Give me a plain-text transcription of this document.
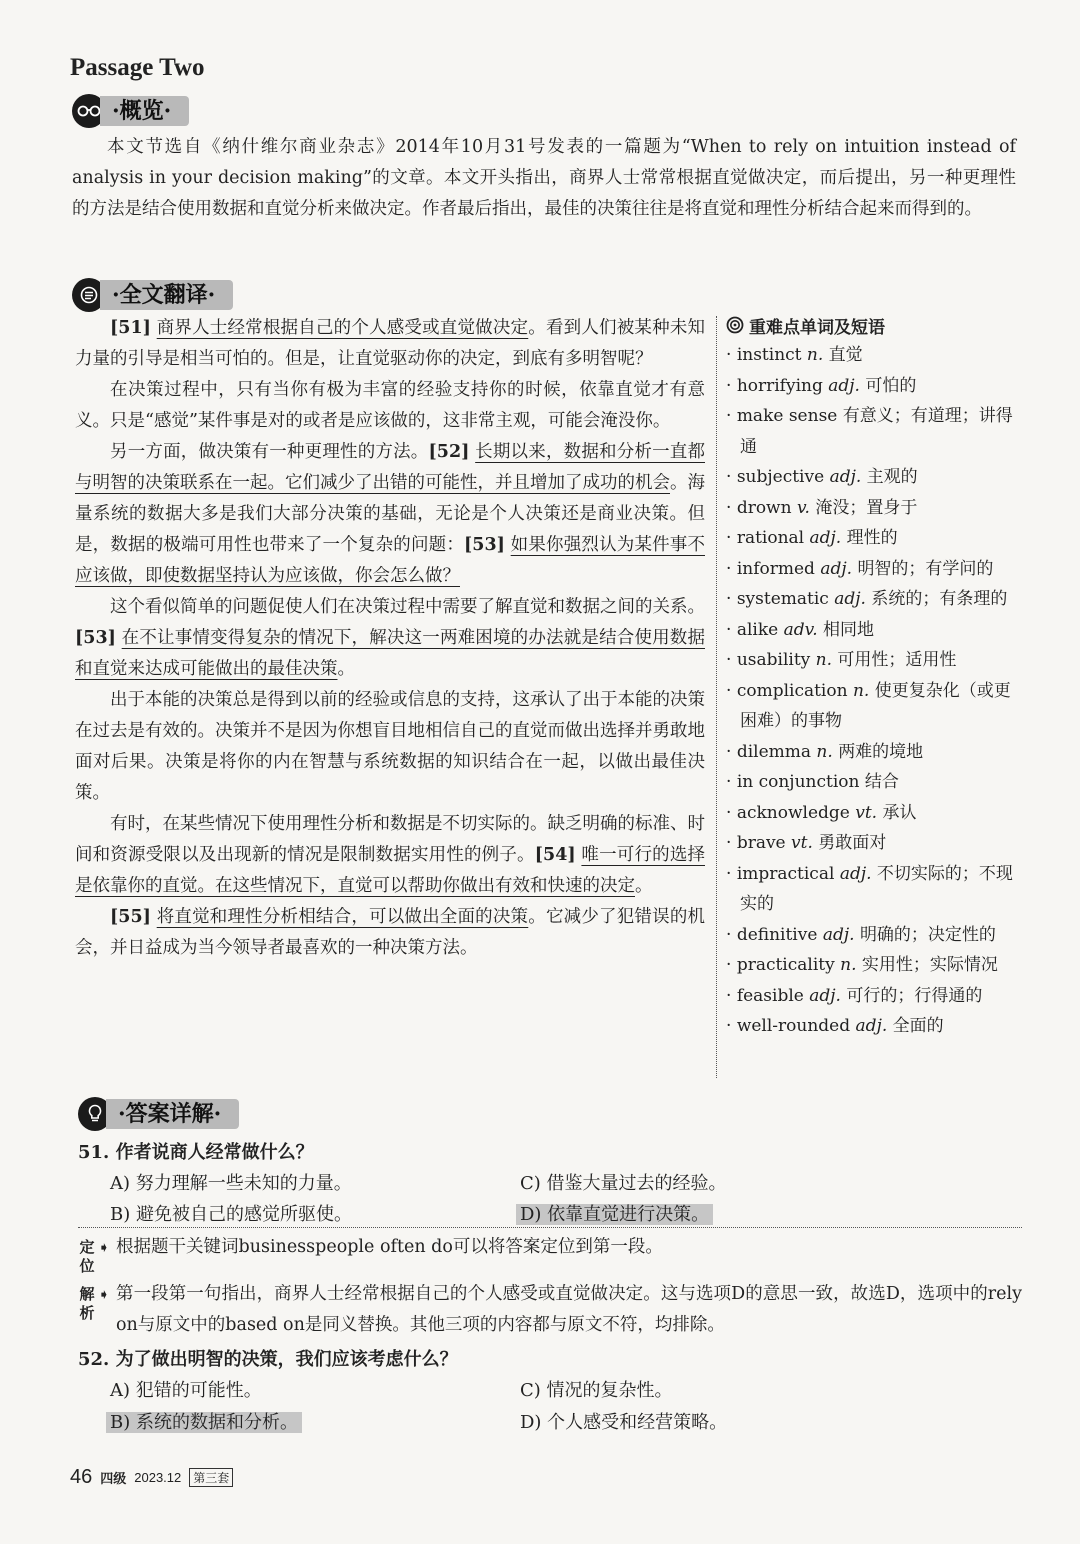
Passage Two
·概览·
本文节选自《纳什维尔商业杂志》2014年10月31号发表的一篇题为“When to rely on intuition instead of analysis in your decision making”的文章。本文开头指出，商界人士常常根据直觉做决定，而后提出，另一种更理性的方法是结合使用数据和直觉分析来做决定。作者最后指出，最佳的决策往往是将直觉和理性分析结合起来而得到的。
·全文翻译·
[51] 商界人士经常根据自己的个人感受或直觉做决定。看到人们被某种未知力量的引导是相当可怕的。但是，让直觉驱动你的决定，到底有多明智呢？
在决策过程中，只有当你有极为丰富的经验支持你的时候，依靠直觉才有意义。只是“感觉”某件事是对的或者是应该做的，这非常主观，可能会淹没你。
另一方面，做决策有一种更理性的方法。[52] 长期以来，数据和分析一直都与明智的决策联系在一起。它们减少了出错的可能性，并且增加了成功的机会。海量系统的数据大多是我们大部分决策的基础，无论是个人决策还是商业决策。但是，数据的极端可用性也带来了一个复杂的问题：[53] 如果你强烈认为某件事不应该做，即使数据坚持认为应该做，你会怎么做？
这个看似简单的问题促使人们在决策过程中需要了解直觉和数据之间的关系。[53] 在不让事情变得复杂的情况下，解决这一两难困境的办法就是结合使用数据和直觉来达成可能做出的最佳决策。
出于本能的决策总是得到以前的经验或信息的支持，这承认了出于本能的决策在过去是有效的。决策并不是因为你想盲目地相信自己的直觉而做出选择并勇敢地面对后果。决策是将你的内在智慧与系统数据的知识结合在一起，以做出最佳决策。
有时，在某些情况下使用理性分析和数据是不切实际的。缺乏明确的标准、时间和资源受限以及出现新的情况是限制数据实用性的例子。[54] 唯一可行的选择是依靠你的直觉。在这些情况下，直觉可以帮助你做出有效和快速的决定。
[55] 将直觉和理性分析相结合，可以做出全面的决策。它减少了犯错误的机会，并日益成为当今领导者最喜欢的一种决策方法。
重难点单词及短语
· instinct n. 直觉
· horrifying adj. 可怕的
· make sense 有意义；有道理；讲得通
· subjective adj. 主观的
· drown v. 淹没；置身于
· rational adj. 理性的
· informed adj. 明智的；有学问的
· systematic adj. 系统的；有条理的
· alike adv. 相同地
· usability n. 可用性；适用性
· complication n. 使更复杂化（或更困难）的事物
· dilemma n. 两难的境地
· in conjunction 结合
· acknowledge vt. 承认
· brave vt. 勇敢面对
· impractical adj. 不切实际的；不现实的
· definitive adj. 明确的；决定性的
· practicality n. 实用性；实际情况
· feasible adj. 可行的；行得通的
· well-rounded adj. 全面的
·答案详解·
51. 作者说商人经常做什么？
A) 努力理解一些未知的力量。	C) 借鉴大量过去的经验。
B) 避免被自己的感觉所驱使。	D) 依靠直觉进行决策。
定位
➧ 根据题干关键词businesspeople often do可以将答案定位到第一段。
解析
➧ 第一段第一句指出，商界人士经常根据自己的个人感受或直觉做决定。这与选项D的意思一致，故选D，选项中的rely on与原文中的based on是同义替换。其他三项的内容都与原文不符，均排除。
52. 为了做出明智的决策，我们应该考虑什么？
A) 犯错的可能性。	C) 情况的复杂性。
B) 系统的数据和分析。	D) 个人感受和经营策略。
46 四级 2023.12	第三套
